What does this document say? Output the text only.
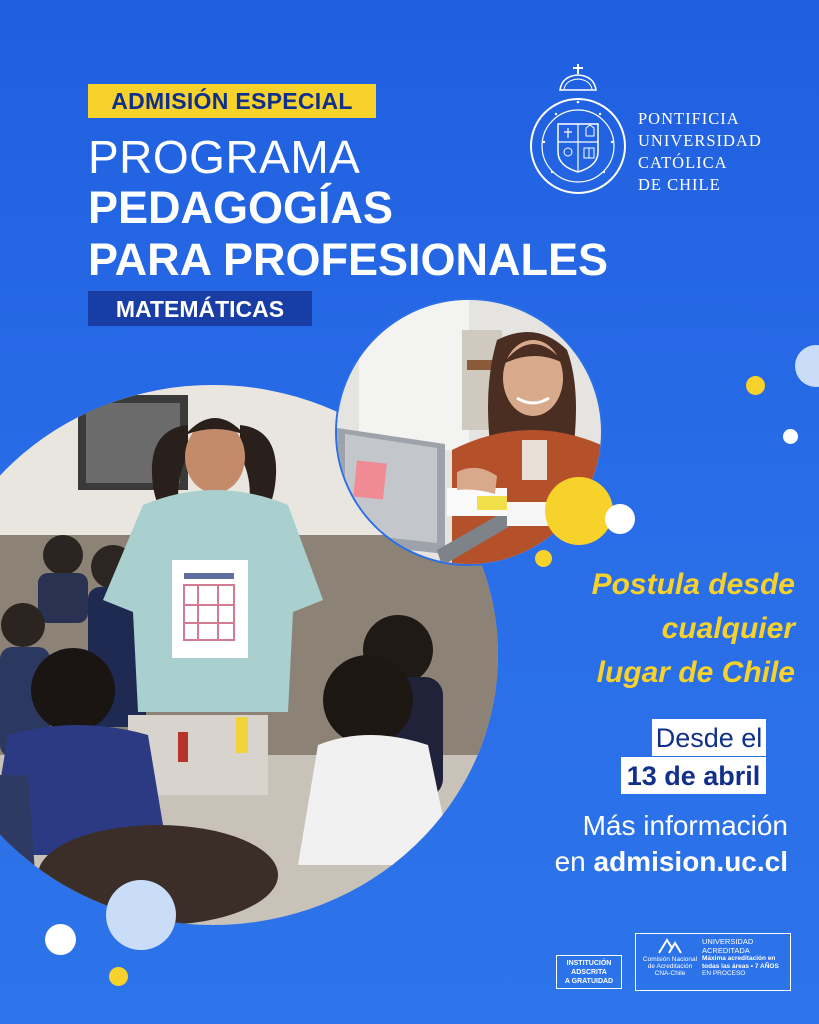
ADMISIÓN ESPECIAL
PROGRAMA
PEDAGOGÍAS
PARA PROFESIONALES
MATEMÁTICAS
PONTIFICIA
UNIVERSIDAD
CATÓLICA
DE CHILE
Postula desde
cualquier
lugar de Chile
Desde el
13 de abril
Más información
en admision.uc.cl
INSTITUCIÓN
ADSCRITA
A GRATUIDAD
Comisión Nacional
de Acreditación
CNA-Chile
UNIVERSIDAD
ACREDITADA
Máxima acreditación en
todas las áreas • 7 AÑOS
EN PROCESO
